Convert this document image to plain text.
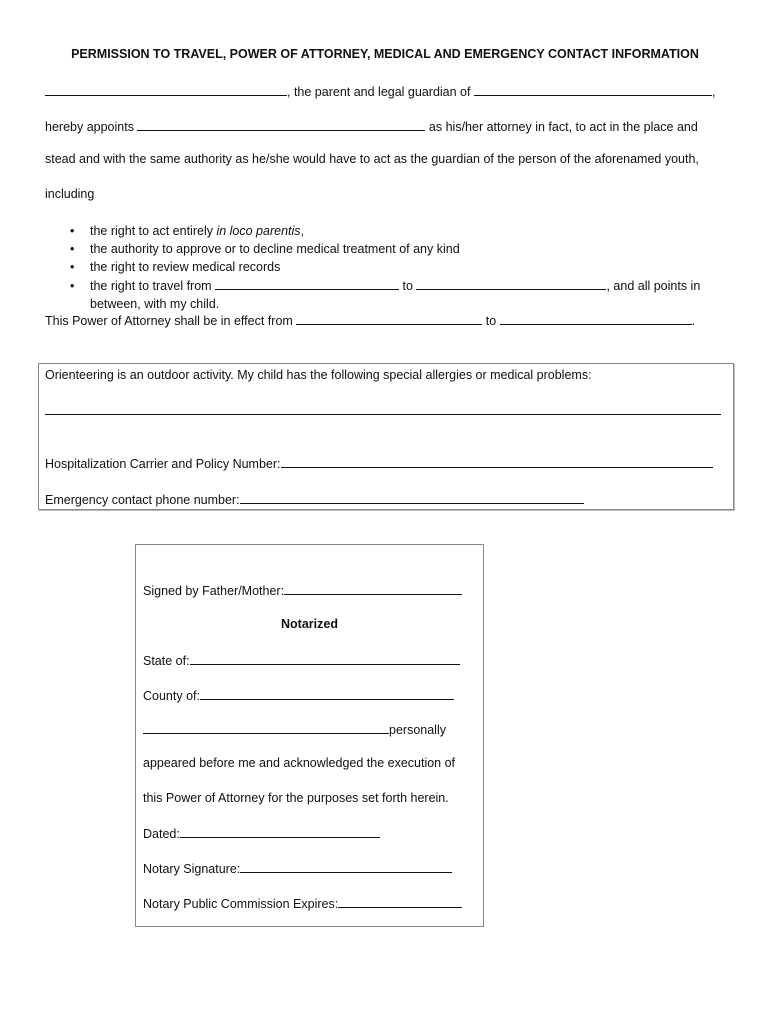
PERMISSION TO TRAVEL, POWER OF ATTORNEY, MEDICAL AND EMERGENCY CONTACT INFORMATION
, the parent and legal guardian of	,
hereby appoints	as his/her attorney in fact, to act in the place and
stead and with the same authority as he/she would have to act as the guardian of the person of the aforenamed youth,
including
• the right to act entirely in loco parentis,
• the authority to approve or to decline medical treatment of any kind
• the right to review medical records
• the right to travel from	to	, and all points in
between, with my child.
This Power of Attorney shall be in effect from	to	.
Orienteering is an outdoor activity. My child has the following special allergies or medical problems:
Hospitalization Carrier and Policy Number:
Emergency contact phone number:
Signed by Father/Mother:
Notarized
State of:
County of:
personally
appeared before me and acknowledged the execution of
this Power of Attorney for the purposes set forth herein.
Dated:
Notary Signature:
Notary Public Commission Expires:
